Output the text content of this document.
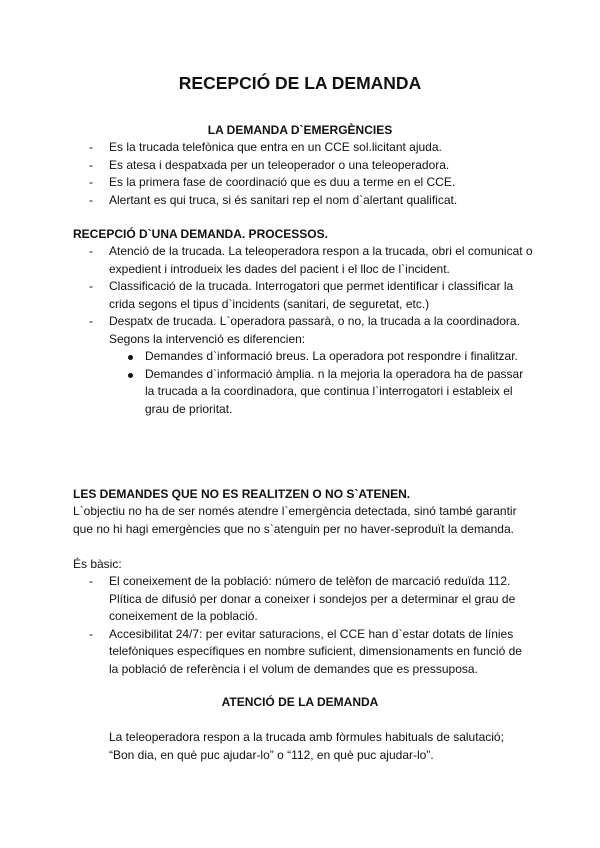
RECEPCIÓ DE LA DEMANDA
LA DEMANDA D`EMERGÈNCIES
- Es la trucada telefònica que entra en un CCE sol.licitant ajuda.
- Es atesa i despatxada per un teleoperador o una teleoperadora.
- Es la primera fase de coordinació que es duu a terme en el CCE.
- Alertant es qui truca, si és sanitari rep el nom d`alertant qualificat.
RECEPCIÓ D`UNA DEMANDA. PROCESSOS.
- Atenció de la trucada. La teleoperadora respon a la trucada, obri el comunicat o expedient i introdueix les dades del pacient i el lloc de l`incident.
- Classificació de la trucada. Interrogatori que permet identificar i classificar la crida segons el tipus d`incidents (sanitari, de seguretat, etc.)
- Despatx de trucada. L`operadora passarà, o no, la trucada a la coordinadora. Segons la intervenció es diferencien:
Demandes d`informació breus. La operadora pot respondre i finalitzar.
Demandes d`informació àmplia. n la mejoria la operadora ha de passar la trucada a la coordinadora, que continua l`interrogatori i estableix el grau de prioritat.
LES DEMANDES QUE NO ES REALITZEN O NO S`ATENEN.

L`objectiu no ha de ser només atendre l`emergència detectada, sinó també garantir que no hi hagi emergències que no s`atenguin per no haver-seproduït la demanda.

És bàsic:

- El coneixement de la població: número de telèfon de marcació reduïda 112. Plítica de difusió per donar a coneixer i sondejos per a determinar el grau de coneixement de la població.
- Accesibilitat 24/7: per evitar saturacions, el CCE han d`estar dotats de línies telefòniques específiques en nombre suficient, dimensionaments en funció de la població de referència i el volum de demandes que es pressuposa.
ATENCIÓ DE LA DEMANDA

La teleoperadora respon a la trucada amb fòrmules habituals de salutació; “Bon dia, en què puc ajudar-lo” o “112, en què puc ajudar-lo”.
